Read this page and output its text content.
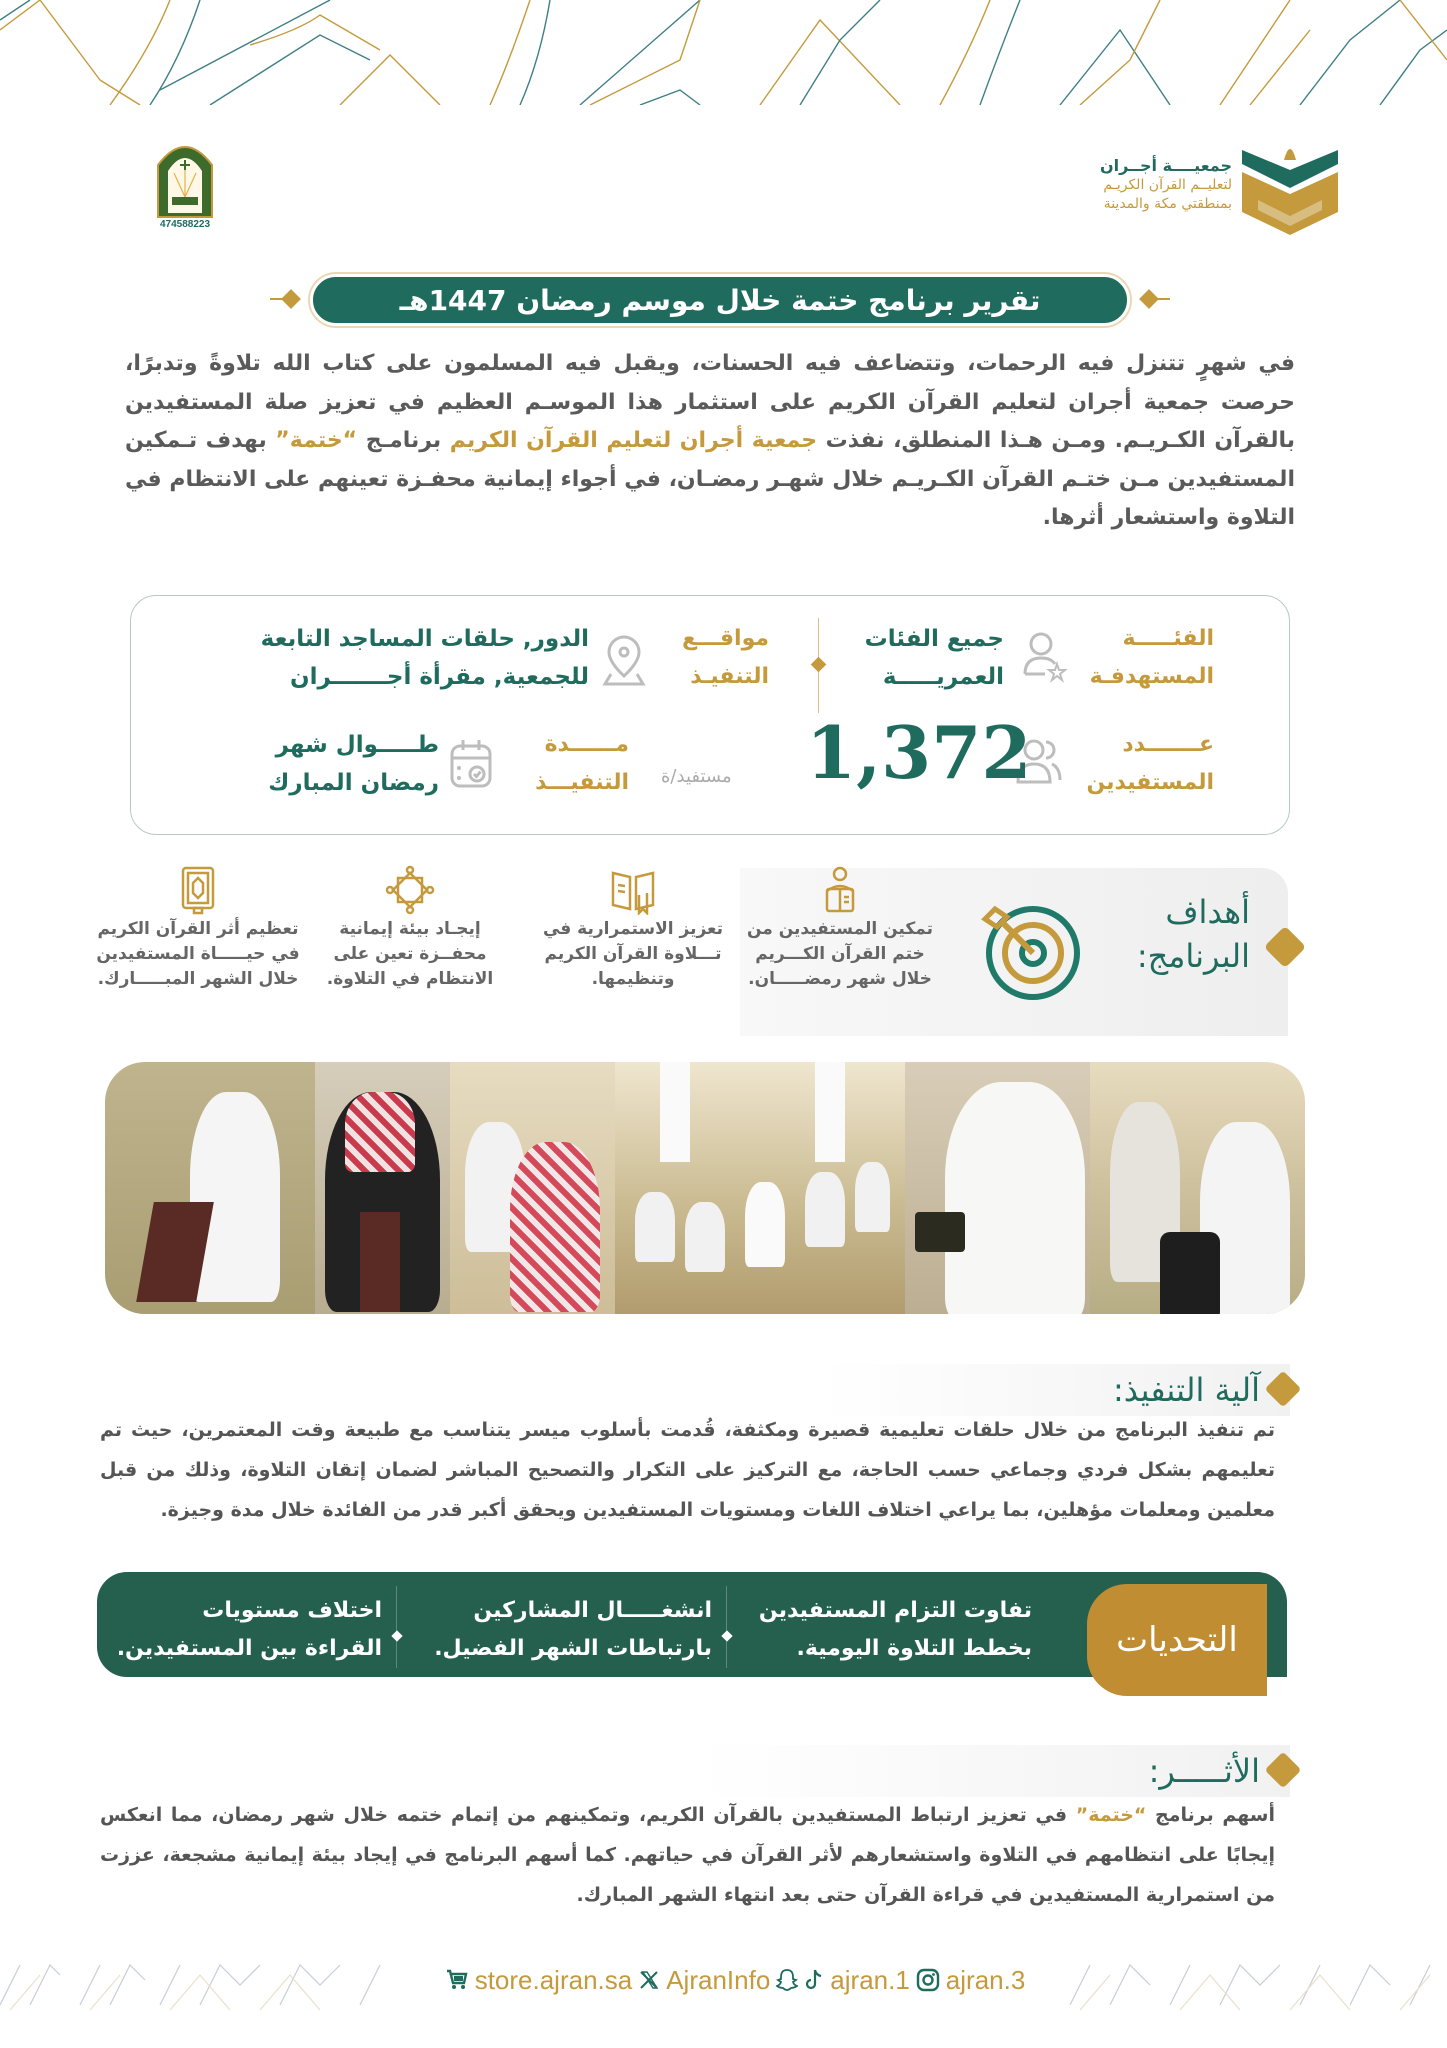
جمعيــــة أجــران
لتعليــم القرآن الكريـم
بمنطقتي مكة والمدينة
474588223
تقرير برنامج ختمة خلال موسم رمضان 1447هـ
في شهرٍ تتنزل فيه الرحمات، وتتضاعف فيه الحسنات، ويقبل فيه المسلمون على كتاب الله تلاوةً وتدبرًا، حرصت جمعية أجران لتعليم القرآن الكريم على استثمار هذا الموسـم العظيم في تعزيز صلة المستفيدين بالقرآن الكـريـم. ومـن هـذا المنطلق، نفذت جمعية أجران لتعليم القرآن الكريم برنامـج “ختمة” بهدف تـمكين المستفيدين مـن ختـم القرآن الكـريـم خلال شهـر رمضـان، في أجواء إيمانية محفـزة تعينهم على الانتظام في التلاوة واستشعار أثرها.
الفئـــــة المستهدفـة
جميع الفئات العمريـــــة
مواقـــع التنفيـذ
الدور, حلقات المساجد التابعة
للجمعية, مقرأة أجـــــــران
عـــــــدد المستفيدين
1,372
مستفيد/ة
مــــــدة التنفيـــذ
طـــــوال شهر
رمضان المبارك
أهداف البرنامج:
تمكين المستفيدين من ختم القرآن الكـــريم خلال شهر رمضـــــان.
تعزيز الاستمرارية في تـــلاوة القرآن الكريم وتنظيمها.
إيجـاد بيئة إيمانية محفــزة تعين على الانتظام في التلاوة.
تعظيم أثر القرآن الكريم في حيـــــاة المستفيدين خلال الشهر المبـــــارك.
آلية التنفيذ:
تم تنفيذ البرنامج من خلال حلقات تعليمية قصيرة ومكثفة، قُدمت بأسلوب ميسر يتناسب مع طبيعة وقت المعتمرين، حيث تم تعليمهم بشكل فردي وجماعي حسب الحاجة، مع التركيز على التكرار والتصحيح المباشر لضمان إتقان التلاوة، وذلك من قبل معلمين ومعلمات مؤهلين، بما يراعي اختلاف اللغات ومستويات المستفيدين ويحقق أكبر قدر من الفائدة خلال مدة وجيزة.
التحديات
تفاوت التزام المستفيدين
بخطط التلاوة اليومية.
انشغـــــال المشاركين
بارتباطات الشهر الفضيل.
اختلاف مستويات
القراءة بين المستفيدين.
الأثـــــر:
أسهم برنامج “ختمة” في تعزيز ارتباط المستفيدين بالقرآن الكريم، وتمكينهم من إتمام ختمه خلال شهر رمضان، مما انعكس إيجابًا على انتظامهم في التلاوة واستشعارهم لأثر القرآن في حياتهم. كما أسهم البرنامج في إيجاد بيئة إيمانية مشجعة، عززت من استمرارية المستفيدين في قراءة القرآن حتى بعد انتهاء الشهر المبارك.
store.ajran.sa AjranInfo ajran.1 ajran.3
